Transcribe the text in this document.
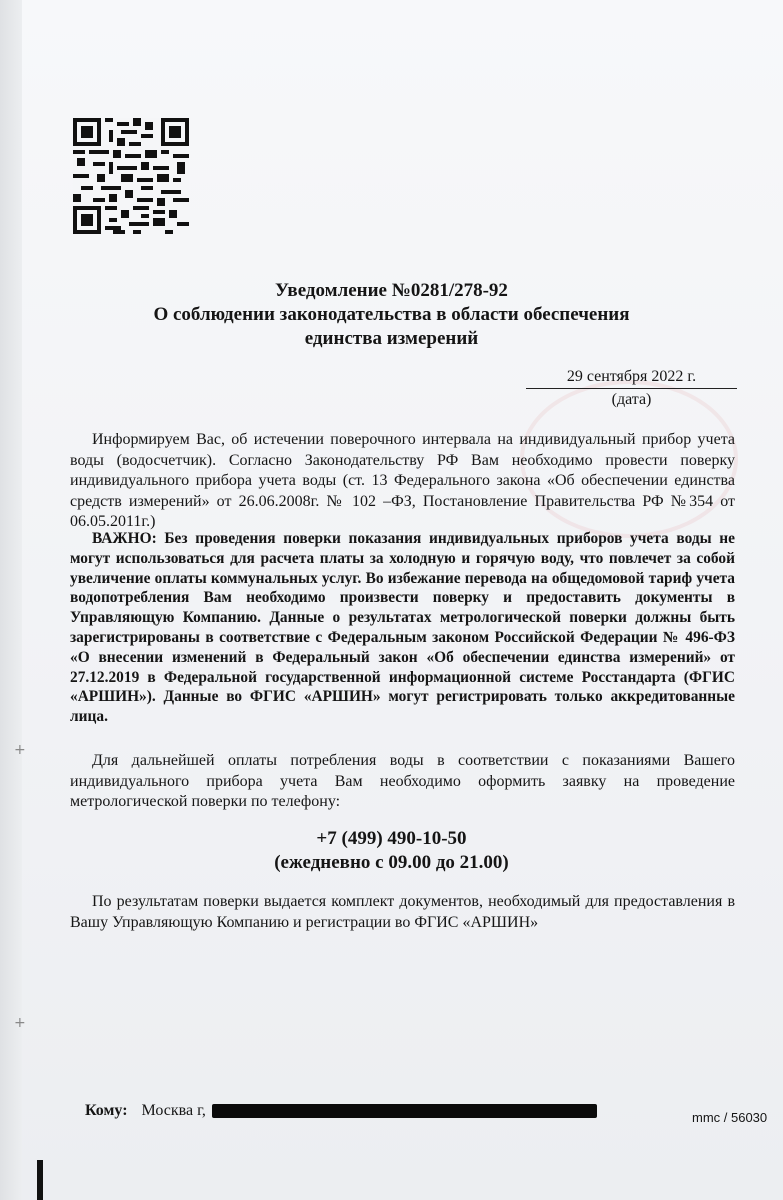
+
+
Уведомление №0281/278-92
О соблюдении законодательства в области обеспечения
единства измерений
29 сентября 2022 г.
(дата)

Информируем Вас, об истечении поверочного интервала на индивидуальный прибор учета воды (водосчетчик). Согласно Законодательству РФ Вам необходимо провести поверку индивидуального прибора учета воды (ст. 13 Федерального закона «Об обеспечении единства средств измерений» от 26.06.2008г. № 102 –ФЗ, Постановление Правительства РФ №354 от 06.05.2011г.)

ВАЖНО: Без проведения поверки показания индивидуальных приборов учета воды не могут использоваться для расчета платы за холодную и горячую воду, что повлечет за собой увеличение оплаты коммунальных услуг. Во избежание перевода на общедомовой тариф учета водопотребления Вам необходимо произвести поверку и предоставить документы в Управляющую Компанию. Данные о результатах метрологической поверки должны быть зарегистрированы в соответствие с Федеральным законом Российской Федерации № 496-ФЗ «О внесении изменений в Федеральный закон «Об обеспечении единства измерений» от 27.12.2019 в Федеральной государственной информационной системе Росстандарта (ФГИС «АРШИН»). Данные во ФГИС «АРШИН» могут регистрировать только аккредитованные лица.

Для дальнейшей оплаты потребления воды в соответствии с показаниями Вашего индивидуального прибора учета Вам необходимо оформить заявку на проведение метрологической поверки по телефону:

+7 (499) 490-10-50
(ежедневно с 09.00 до 21.00)

По результатам поверки выдается комплект документов, необходимый для предоставления в Вашу Управляющую Компанию и регистрации во ФГИС «АРШИН»

Кому: Москва г,	mmc / 56030
